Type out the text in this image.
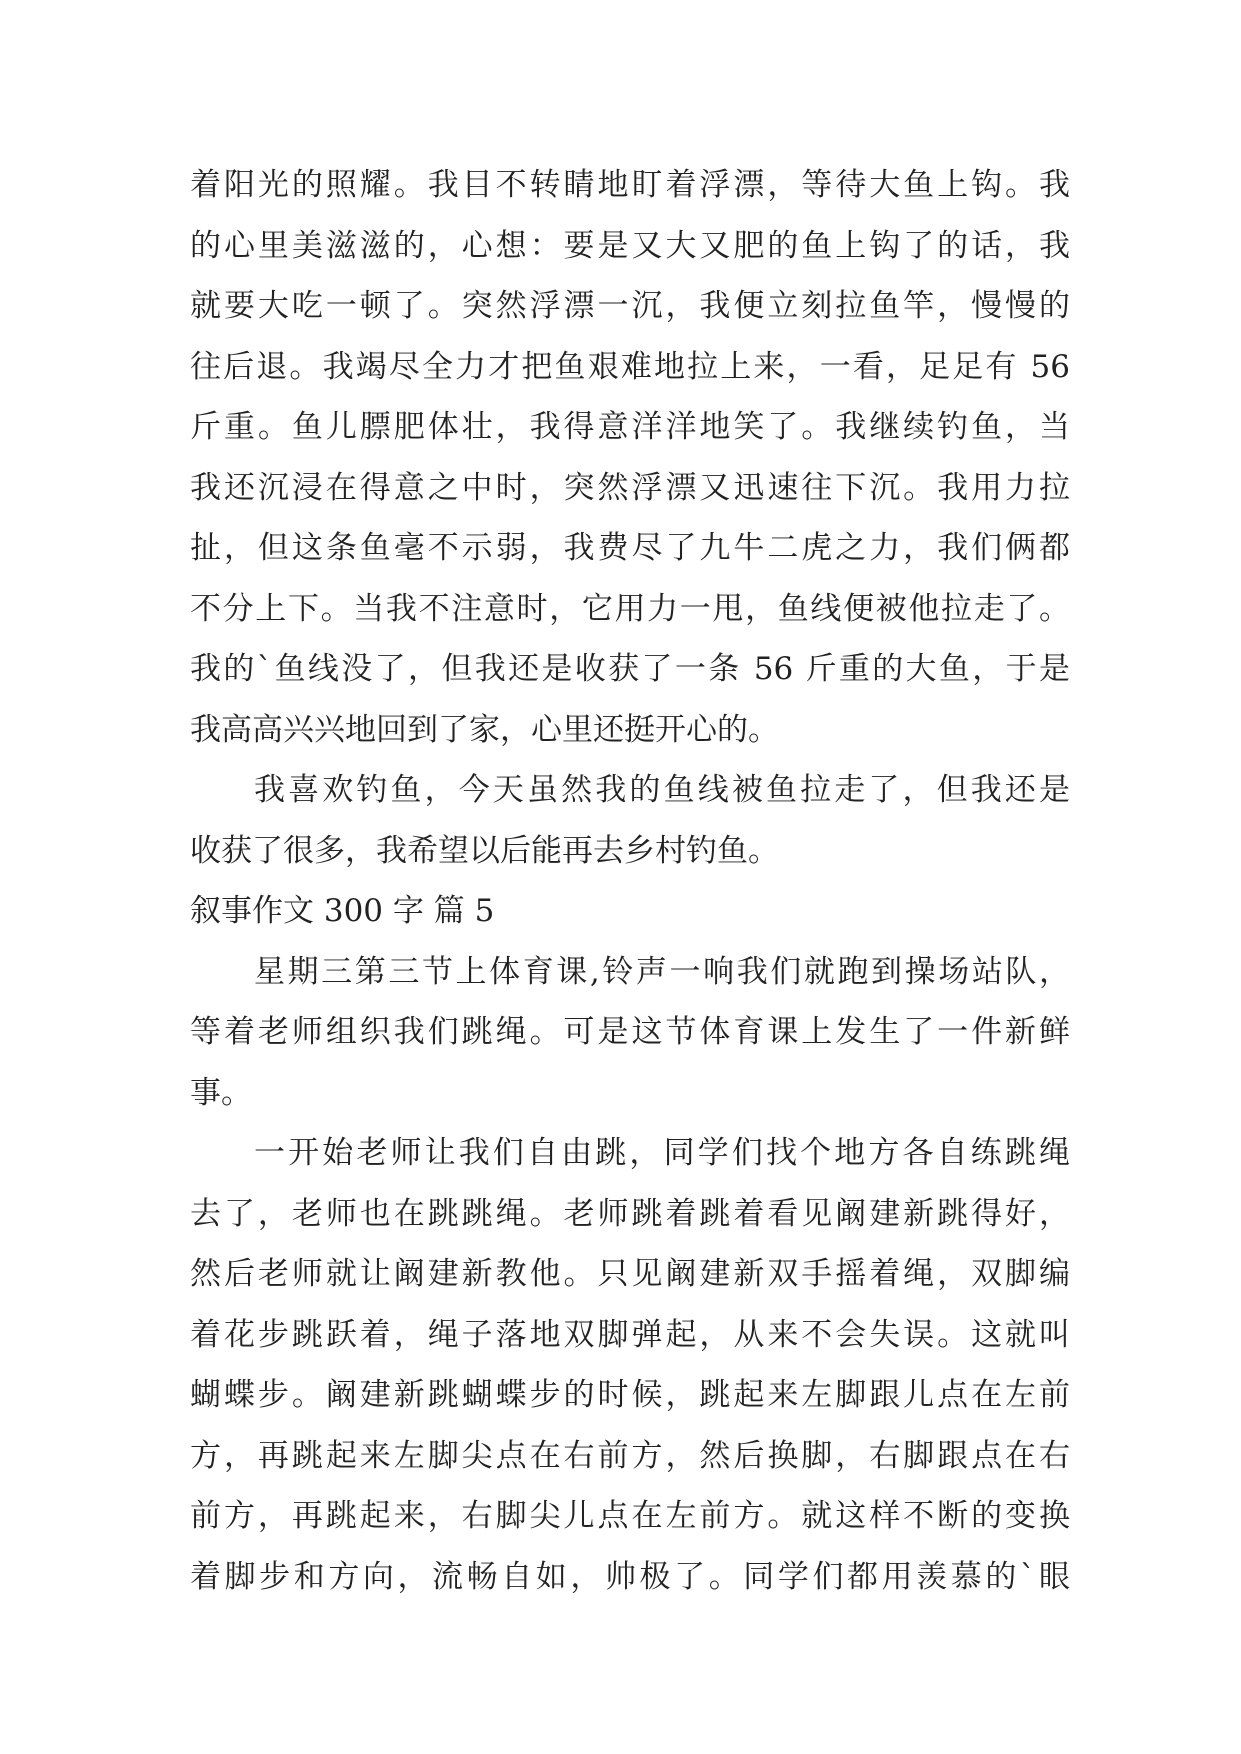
着阳光的照耀。我目不转睛地盯着浮漂，等待大鱼上钩。我
的心里美滋滋的，心想：要是又大又肥的鱼上钩了的话，我
就要大吃一顿了。突然浮漂一沉，我便立刻拉鱼竿，慢慢的
往后退。我竭尽全力才把鱼艰难地拉上来，一看，足足有 56
斤重。鱼儿膘肥体壮，我得意洋洋地笑了。我继续钓鱼，当
我还沉浸在得意之中时，突然浮漂又迅速往下沉。我用力拉
扯，但这条鱼毫不示弱，我费尽了九牛二虎之力，我们俩都
不分上下。当我不注意时，它用力一甩，鱼线便被他拉走了。
我的`鱼线没了，但我还是收获了一条 56 斤重的大鱼，于是
我高高兴兴地回到了家，心里还挺开心的。
我喜欢钓鱼，今天虽然我的鱼线被鱼拉走了，但我还是
收获了很多，我希望以后能再去乡村钓鱼。
叙事作文 300 字 篇 5
星期三第三节上体育课,铃声一响我们就跑到操场站队，
等着老师组织我们跳绳。可是这节体育课上发生了一件新鲜
事。
一开始老师让我们自由跳，同学们找个地方各自练跳绳
去了，老师也在跳跳绳。老师跳着跳着看见阚建新跳得好，
然后老师就让阚建新教他。只见阚建新双手摇着绳，双脚编
着花步跳跃着，绳子落地双脚弹起，从来不会失误。这就叫
蝴蝶步。阚建新跳蝴蝶步的时候，跳起来左脚跟儿点在左前
方，再跳起来左脚尖点在右前方，然后换脚，右脚跟点在右
前方，再跳起来，右脚尖儿点在左前方。就这样不断的变换
着脚步和方向，流畅自如，帅极了。同学们都用羡慕的`眼
